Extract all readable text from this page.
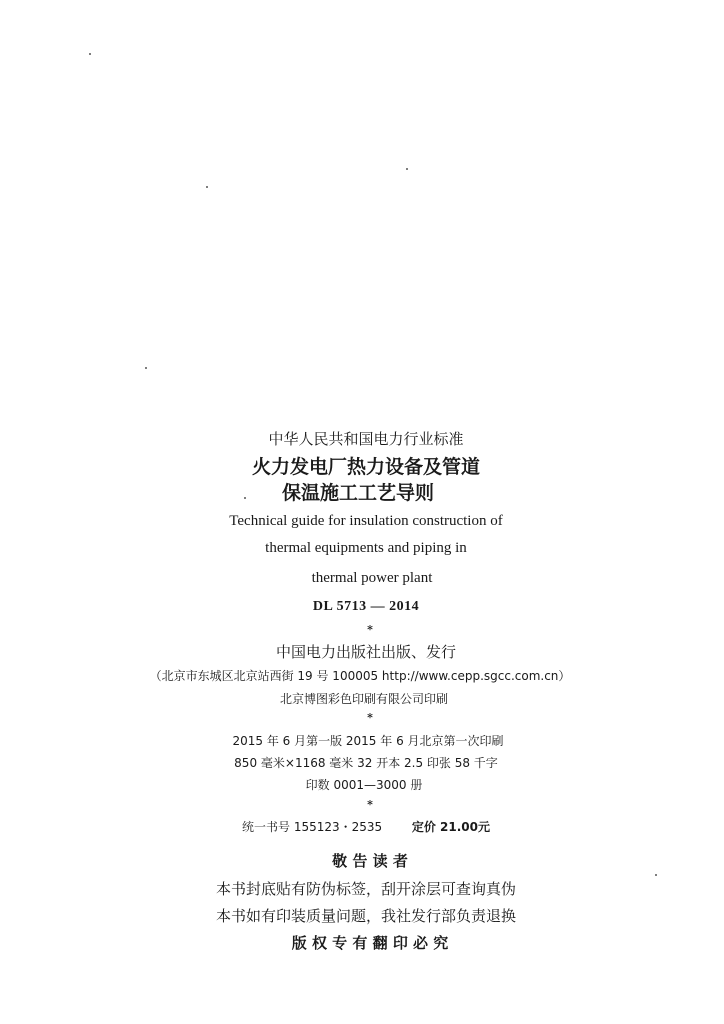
中华人民共和国电力行业标准
火力发电厂热力设备及管道
保温施工工艺导则
Technical guide for insulation construction of
thermal equipments and piping in
thermal power plant
DL 5713 — 2014
*
中国电力出版社出版、发行
（北京市东城区北京站西街 19 号 100005 http://www.cepp.sgcc.com.cn）
北京博图彩色印刷有限公司印刷
*
2015 年 6 月第一版 2015 年 6 月北京第一次印刷
850 毫米×1168 毫米 32 开本 2.5 印张 58 千字
印数 0001—3000 册
*
统一书号 155123・2535 定价 21.00元
敬 告 读 者
本书封底贴有防伪标签，刮开涂层可查询真伪
本书如有印装质量问题，我社发行部负责退换
版 权 专 有 翻 印 必 究
